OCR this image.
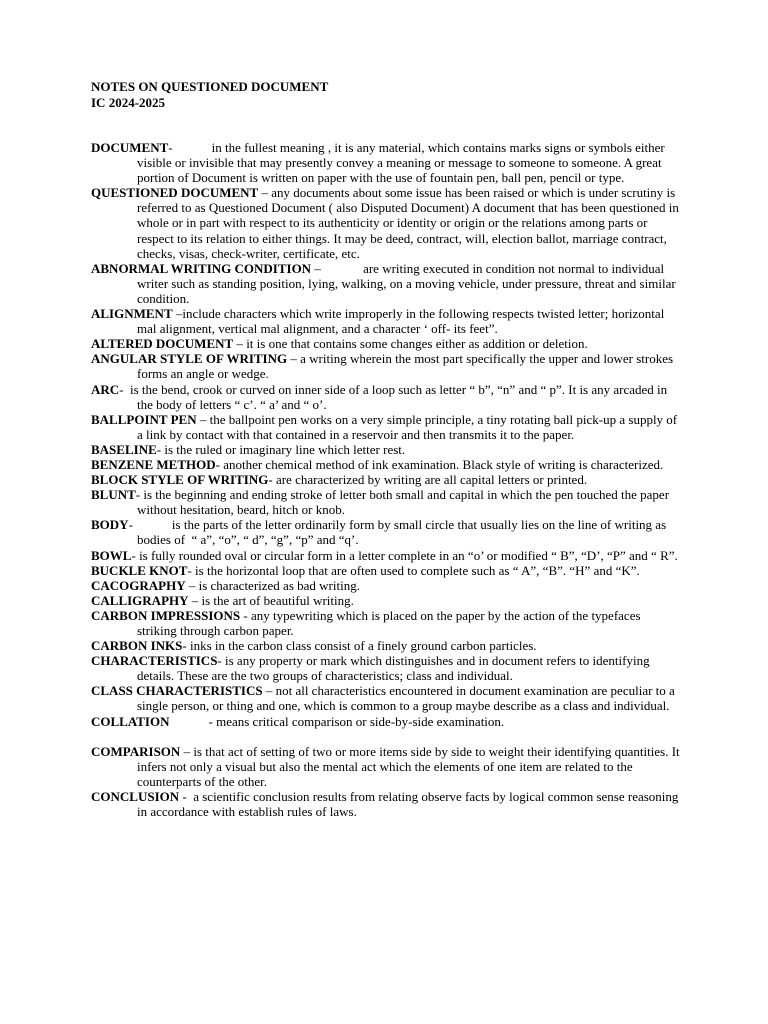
NOTES ON QUESTIONED DOCUMENT
IC 2024-2025
DOCUMENT-            in the fullest meaning , it is any material, which contains marks signs or symbols either visible or invisible that may presently convey a meaning or message to someone to someone. A great portion of Document is written on paper with the use of fountain pen, ball pen, pencil or type.
QUESTIONED DOCUMENT – any documents about some issue has been raised or which is under scrutiny is referred to as Questioned Document ( also Disputed Document) A document that has been questioned in whole or in part with respect to its authenticity or identity or origin or the relations among parts or respect to its relation to either things. It may be deed, contract, will, election ballot, marriage contract, checks, visas, check-writer, certificate, etc.
ABNORMAL WRITING CONDITION –             are writing executed in condition not normal to individual writer such as standing position, lying, walking, on a moving vehicle, under pressure, threat and similar condition.
ALIGNMENT –include characters which write improperly in the following respects twisted letter; horizontal mal alignment, vertical mal alignment, and a character ‘ off- its feet”.
ALTERED DOCUMENT – it is one that contains some changes either as addition or deletion.
ANGULAR STYLE OF WRITING – a writing wherein the most part specifically the upper and lower strokes forms an angle or wedge.
ARC-  is the bend, crook or curved on inner side of a loop such as letter “ b”, “n” and “ p”. It is any arcaded in the body of letters “ c’. “ a’ and “ o’.
BALLPOINT PEN – the ballpoint pen works on a very simple principle, a tiny rotating ball pick-up a supply of a link by contact with that contained in a reservoir and then transmits it to the paper.
BASELINE- is the ruled or imaginary line which letter rest.
BENZENE METHOD- another chemical method of ink examination. Black style of writing is characterized.
BLOCK STYLE OF WRITING- are characterized by writing are all capital letters or printed.
BLUNT- is the beginning and ending stroke of letter both small and capital in which the pen touched the paper without hesitation, beard, hitch or knob.
BODY-            is the parts of the letter ordinarily form by small circle that usually lies on the line of writing as bodies of  “ a”, “o”, “ d”, “g”, “p” and “q’.
BOWL- is fully rounded oval or circular form in a letter complete in an “o’ or modified “ B”, “D’, “P” and “ R”.
BUCKLE KNOT- is the horizontal loop that are often used to complete such as “ A”, “B”. “H” and “K”.
CACOGRAPHY – is characterized as bad writing.
CALLIGRAPHY – is the art of beautiful writing.
CARBON IMPRESSIONS - any typewriting which is placed on the paper by the action of the typefaces striking through carbon paper.
CARBON INKS- inks in the carbon class consist of a finely ground carbon particles.
CHARACTERISTICS- is any property or mark which distinguishes and in document refers to identifying details. These are the two groups of characteristics; class and individual.
CLASS CHARACTERISTICS – not all characteristics encountered in document examination are peculiar to a single person, or thing and one, which is common to a group maybe describe as a class and individual.
COLLATION            - means critical comparison or side-by-side examination.
COMPARISON – is that act of setting of two or more items side by side to weight their identifying quantities. It infers not only a visual but also the mental act which the elements of one item are related to the counterparts of the other.
CONCLUSION -  a scientific conclusion results from relating observe facts by logical common sense reasoning in accordance with establish rules of laws.
